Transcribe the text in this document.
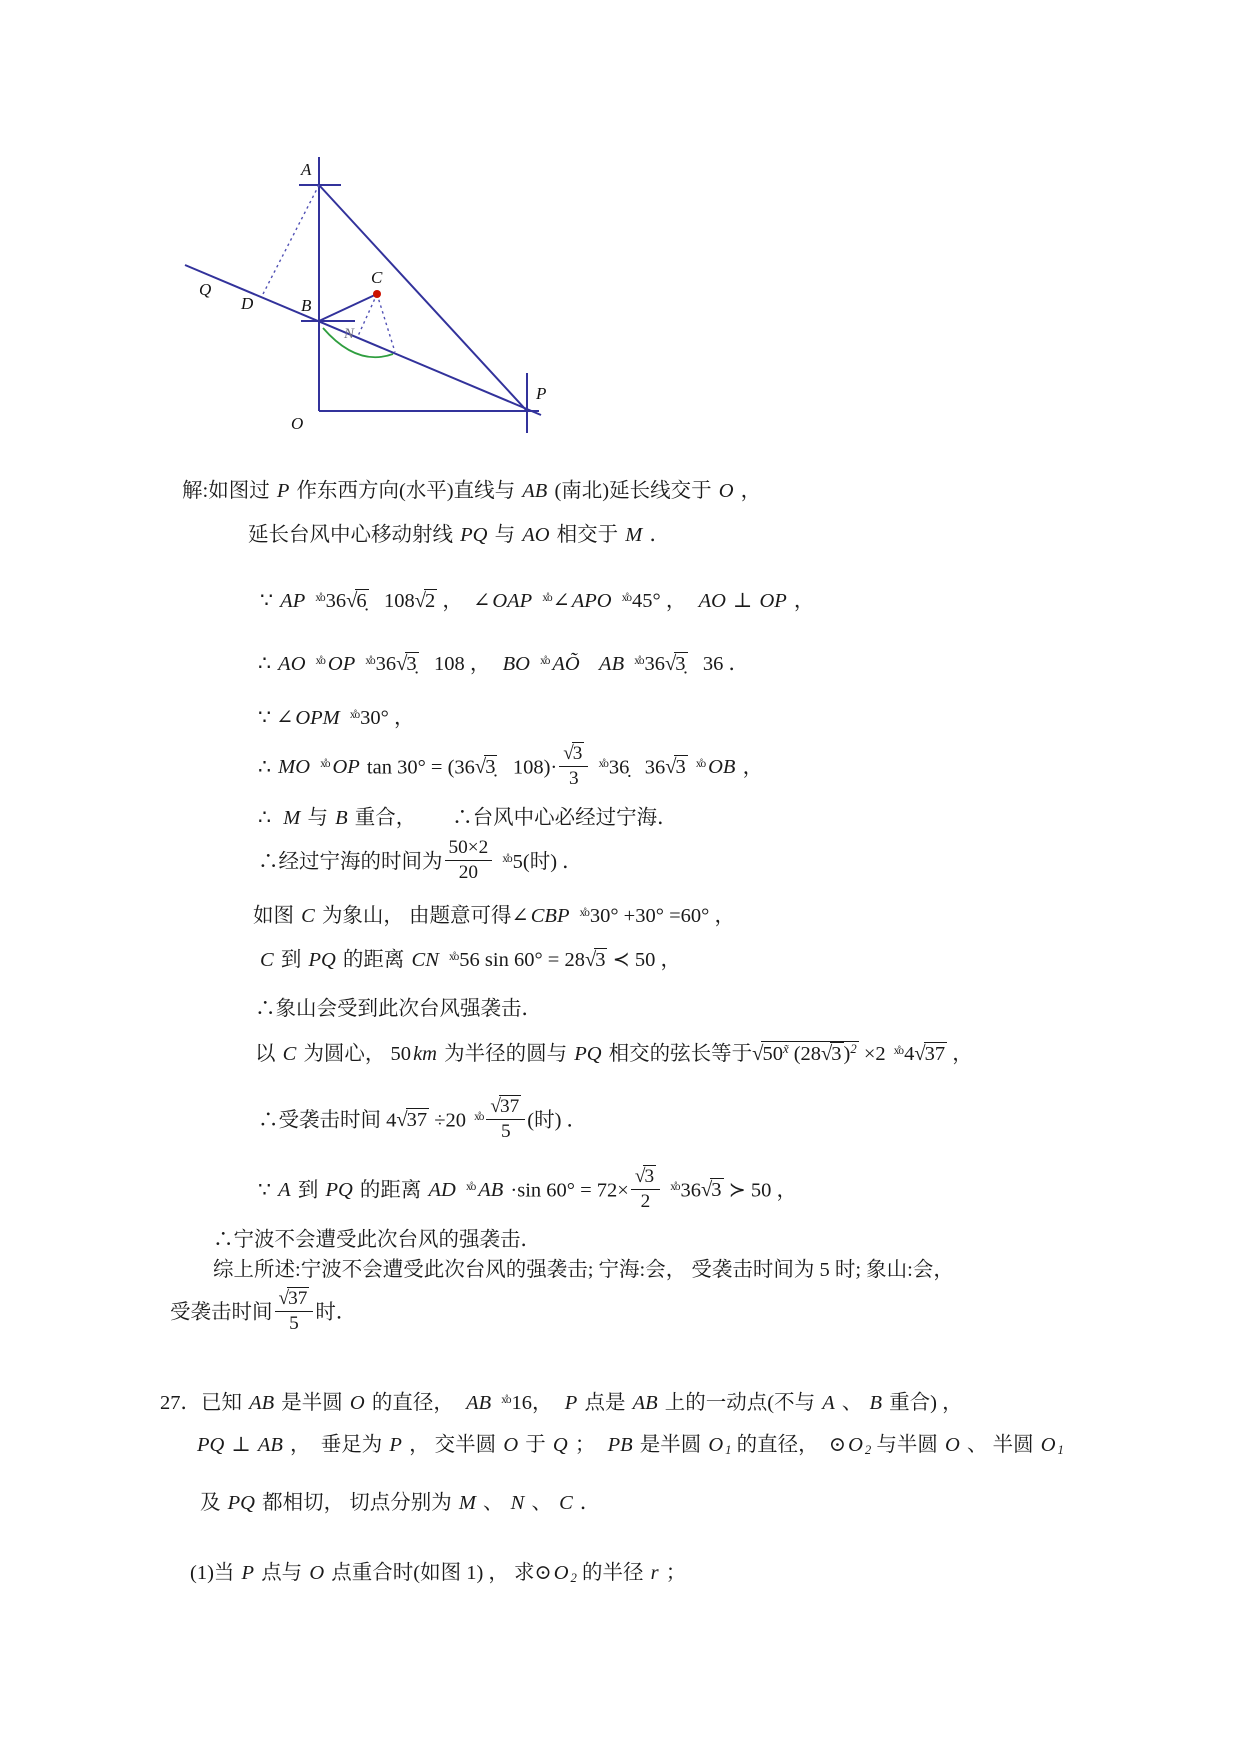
A
Q
D	B
C
N
O
P
解:如图过 P 作东西方向(水平)直线与 AB (南北)延长线交于 O ，
延长台风中心移动射线 PQ 与 AO 相交于 M ．
∵ AP x̊o36√6̣   108√2 ，  ∠OAP x̊o∠APO x̊o45° ，  AO ⊥ OP ，
∴ AO x̊o OP x̊o36√3̣   108 ，  BO x̊o AÕ AB x̊o36√3̣   36 ．
∵ ∠OPM x̊o30° ，
∴ MO x̊o OP tan 30° = (36√3̣   $108)\cdot \frac{√3}{3}$ x̊o36̣   36√3 x̊o OB ，
∴  M 与 B 重合，       ∴台风中心必经过宁海．
∴经过宁海的时间为 $\frac{50\times 2}{20}$ x̊o5(时) ．
如图 C 为象山， 由题意可得∠CBP x̊o30° +30° =60° ，
C 到 PQ 的距离 CN x̊o56 sin 60° = 28√3 ≺ 50 ，
∴象山会受到此次台风强袭击．
以 C 为圆心， 50km 为半径的圆与 PQ 相交的弦长等于$√50^{x̃}$ $(28√3)^2 \times 2$ x̊o4√37 ，
∴受袭击时间 4√37 ÷20 x̊o $\frac{√37}{5}$ (时) ．
∵ A 到 PQ 的距离 AD x̊o AB ·sin $60^\circ = 72\times \frac{√3}{2}$ x̊o36√3 ≻ 50 ，
∴宁波不会遭受此次台风的强袭击．
综上所述:宁波不会遭受此次台风的强袭击; 宁海:会， 受袭击时间为 5 时; 象山:会，
受袭击时间 $\frac{√37}{5}$ 时．
27．已知 AB 是半圆 O 的直径，  AB x̊o16，  P 点是 AB 上的一动点(不与 A 、 B 重合) ，
PQ ⊥ AB ，  垂足为 P ， 交半圆 O 于 Q ；  PB 是半圆 O 1 的直径，  ⊙O 2 与半圆 O 、 半圆 O 1
及 PQ 都相切， 切点分别为 M 、 N 、 C ．
(1)当 P 点与 O 点重合时(如图 1) ， 求⊙O 2 的半径 r ；
